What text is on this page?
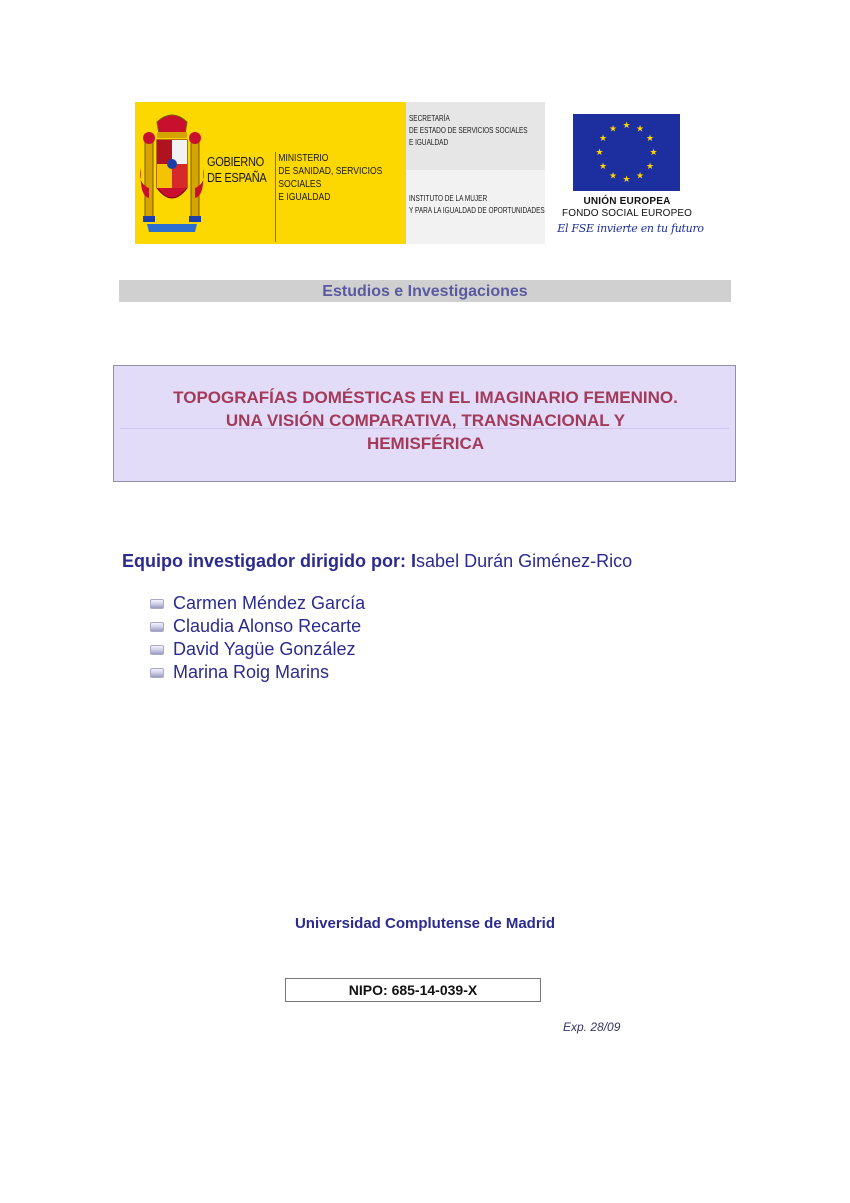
GOBIERNO
DE ESPAÑA
MINISTERIO
DE SANIDAD, SERVICIOS SOCIALES
E IGUALDAD
SECRETARÍA
DE ESTADO DE SERVICIOS SOCIALES
E IGUALDAD
INSTITUTO DE LA MUJER
Y PARA LA IGUALDAD DE OPORTUNIDADES
★ ★
★
★
★
★
★
★
★
★
★
★
UNIÓN EUROPEA
FONDO SOCIAL EUROPEO
El FSE invierte en tu futuro
Estudios e Investigaciones
TOPOGRAFÍAS DOMÉSTICAS EN EL IMAGINARIO FEMENINO.
UNA VISIÓN COMPARATIVA, TRANSNACIONAL Y
HEMISFÉRICA
Equipo investigador dirigido por: Isabel Durán Giménez-Rico
Carmen Méndez García
Claudia Alonso Recarte
David Yagüe González
Marina Roig Marins
Universidad Complutense de Madrid
NIPO: 685-14-039-X
Exp. 28/09
